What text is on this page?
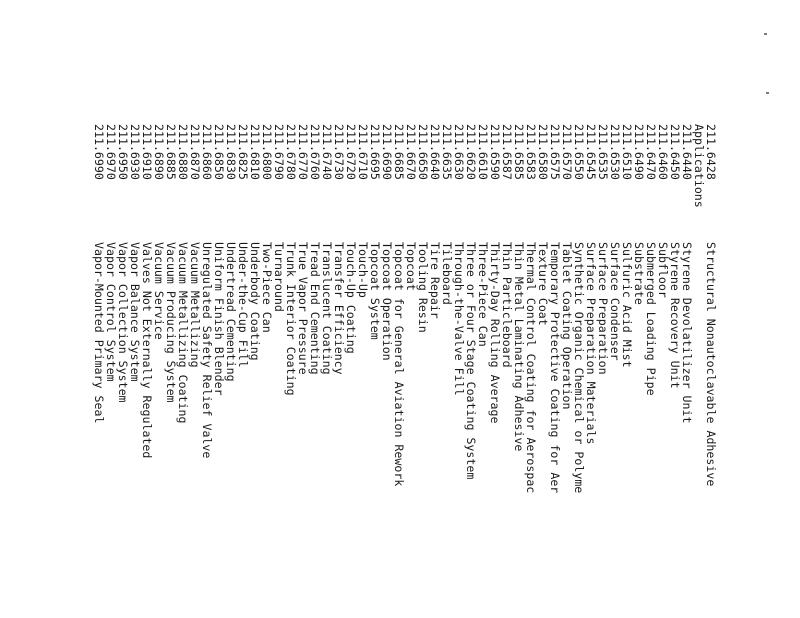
211.6428
Structural Nonautoclavable Adhesive
Applications
211.6440
Styrene Devolatilizer Unit
211.6450
Styrene Recovery Unit
211.6460
Subfloor
211.6470
Submerged Loading Pipe
211.6490
Substrate
211.6510
Sulfuric Acid Mist
211.6530
Surface Condenser
211.6535
Surface Preparation
211.6545
Surface Preparation Materials
211.6550
Synthetic Organic Chemical or Polyme
211.6570
Tablet Coating Operation
211.6575
Temporary Protective Coating for Aer
211.6580
Texture Coat
211.6583
Thermal Control Coating for Aerospac
211.6585
Thin Metal Laminating Adhesive
211.6587
Thin Particleboard
211.6590
Thirty-Day Rolling Average
211.6610
Three-Piece Can
211.6620
Three or Four Stage Coating System
211.6630
Through-the-Valve Fill
211.6635
Tileboard
211.6640
Tire Repair
211.6650
Tooling Resin
211.6670
Topcoat
211.6685
Topcoat for General Aviation Rework
211.6690
Topcoat Operation
211.6695
Topcoat System
211.6710
Touch-Up
211.6720
Touch-Up Coating
211.6730
Transfer Efficiency
211.6740
Translucent Coating
211.6760
Tread End Cementing
211.6770
True Vapor Pressure
211.6780
Trunk Interior Coating
211.6790
Turnaround
211.6800
Two-Piece Can
211.6810
Underbody Coating
211.6825
Under-the-Cup Fill
211.6830
Undertread Cementing
211.6850
Uniform Finish Blender
211.6860
Unregulated Safety Relief Valve
211.6870
Vacuum Metallizing
211.6880
Vacuum Metallizing Coating
211.6885
Vacuum Producing System
211.6890
Vacuum Service
211.6910
Valves Not Externally Regulated
211.6930
Vapor Balance System
211.6950
Vapor Collection System
211.6970
Vapor Control System
211.6990
Vapor-Mounted Primary Seal
